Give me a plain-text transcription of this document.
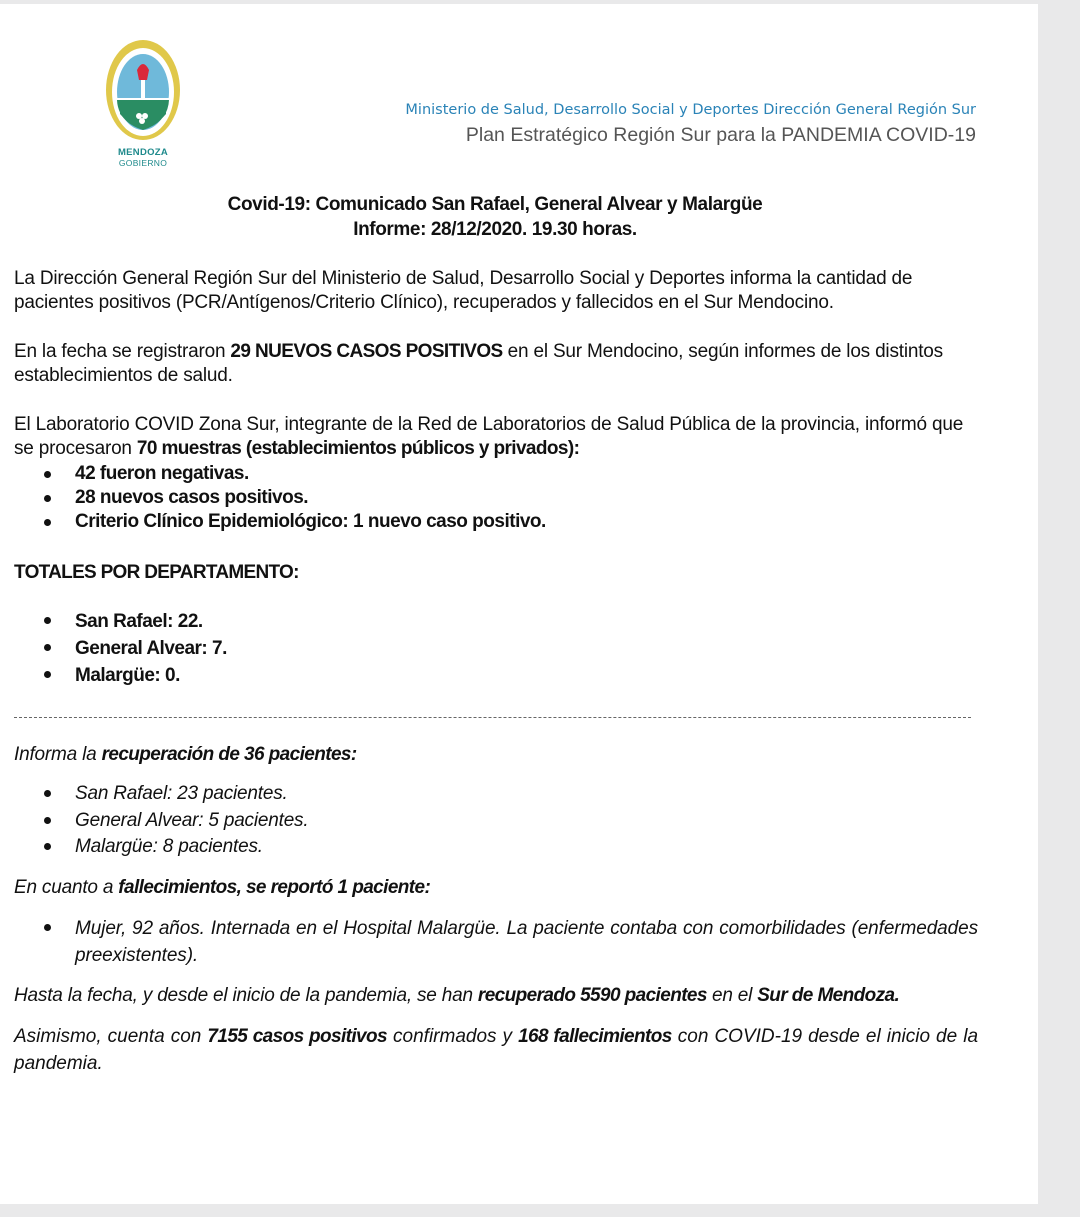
MENDOZA
GOBIERNO
Ministerio de Salud, Desarrollo Social y Deportes Dirección General Región Sur
Plan Estratégico Región Sur para la PANDEMIA COVID-19
Covid-19: Comunicado San Rafael, General Alvear y Malargüe
Informe: 28/12/2020. 19.30 horas.
La Dirección General Región Sur del Ministerio de Salud, Desarrollo Social y Deportes informa la cantidad de pacientes positivos (PCR/Antígenos/Criterio Clínico), recuperados y fallecidos en el Sur Mendocino.
En la fecha se registraron 29 NUEVOS CASOS POSITIVOS en el Sur Mendocino, según informes de los distintos establecimientos de salud.
El Laboratorio COVID Zona Sur, integrante de la Red de Laboratorios de Salud Pública de la provincia, informó que se procesaron 70 muestras (establecimientos públicos y privados):
42 fueron negativas.
28 nuevos casos positivos.
Criterio Clínico Epidemiológico: 1 nuevo caso positivo.
TOTALES POR DEPARTAMENTO:
San Rafael: 22.
General Alvear: 7.
Malargüe: 0.
Informa la recuperación de 36 pacientes:
San Rafael: 23 pacientes.
General Alvear: 5 pacientes.
Malargüe: 8 pacientes.
En cuanto a fallecimientos, se reportó 1 paciente:
Mujer, 92 años. Internada en el Hospital Malargüe. La paciente contaba con comorbilidades (enfermedades preexistentes).
Hasta la fecha, y desde el inicio de la pandemia, se han recuperado 5590 pacientes en el Sur de Mendoza.
Asimismo, cuenta con 7155 casos positivos confirmados y 168 fallecimientos con COVID-19 desde el inicio de la pandemia.
